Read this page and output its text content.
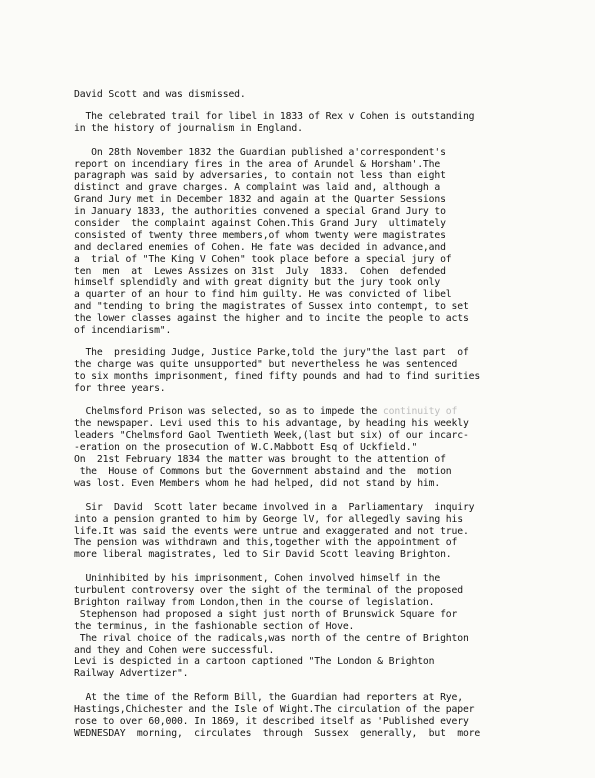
David Scott and was dismissed.
The celebrated trail for libel in 1833 of Rex v Cohen is outstanding
in the history of journalism in England.
On 28th November 1832 the Guardian published a'correspondent's
report on incendiary fires in the area of Arundel & Horsham'.The
paragraph was said by adversaries, to contain not less than eight
distinct and grave charges. A complaint was laid and, although a
Grand Jury met in December 1832 and again at the Quarter Sessions
in January 1833, the authorities convened a special Grand Jury to
consider  the complaint against Cohen.This Grand Jury  ultimately
consisted of twenty three members,of whom twenty were magistrates
and declared enemies of Cohen. He fate was decided in advance,and
a  trial of "The King V Cohen" took place before a special jury of
ten  men  at  Lewes Assizes on 31st  July  1833.  Cohen  defended
himself splendidly and with great dignity but the jury took only
a quarter of an hour to find him guilty. He was convicted of libel
and "tending to bring the magistrates of Sussex into contempt, to set
the lower classes against the higher and to incite the people to acts
of incendiarism".
The  presiding Judge, Justice Parke,told the jury"the last part  of
the charge was quite unsupported" but nevertheless he was sentenced
to six months imprisonment, fined fifty pounds and had to find surities
for three years.
Chelmsford Prison was selected, so as to impede the continuity of
the newspaper. Levi used this to his advantage, by heading his weekly
leaders "Chelmsford Gaol Twentieth Week,(last but six) of our incarc-
-eration on the prosecution of W.C.Mabbott Esq of Uckfield."
On  21st February 1834 the matter was brought to the attention of
the  House of Commons but the Government abstaind and the  motion
was lost. Even Members whom he had helped, did not stand by him.
Sir  David  Scott later became involved in a  Parliamentary  inquiry
into a pension granted to him by George lV, for allegedly saving his
life.It was said the events were untrue and exaggerated and not true.
The pension was withdrawn and this,together with the appointment of
more liberal magistrates, led to Sir David Scott leaving Brighton.
Uninhibited by his imprisonment, Cohen involved himself in the
turbulent controversy over the sight of the terminal of the proposed
Brighton railway from London,then in the course of legislation.
Stephenson had proposed a sight just north of Brunswick Square for
the terminus, in the fashionable section of Hove.
The rival choice of the radicals,was north of the centre of Brighton
and they and Cohen were successful.
Levi is despicted in a cartoon captioned "The London & Brighton
Railway Advertizer".
At the time of the Reform Bill, the Guardian had reporters at Rye,
Hastings,Chichester and the Isle of Wight.The circulation of the paper
rose to over 60,000. In 1869, it described itself as 'Published every
WEDNESDAY  morning,  circulates  through  Sussex  generally,  but  more
